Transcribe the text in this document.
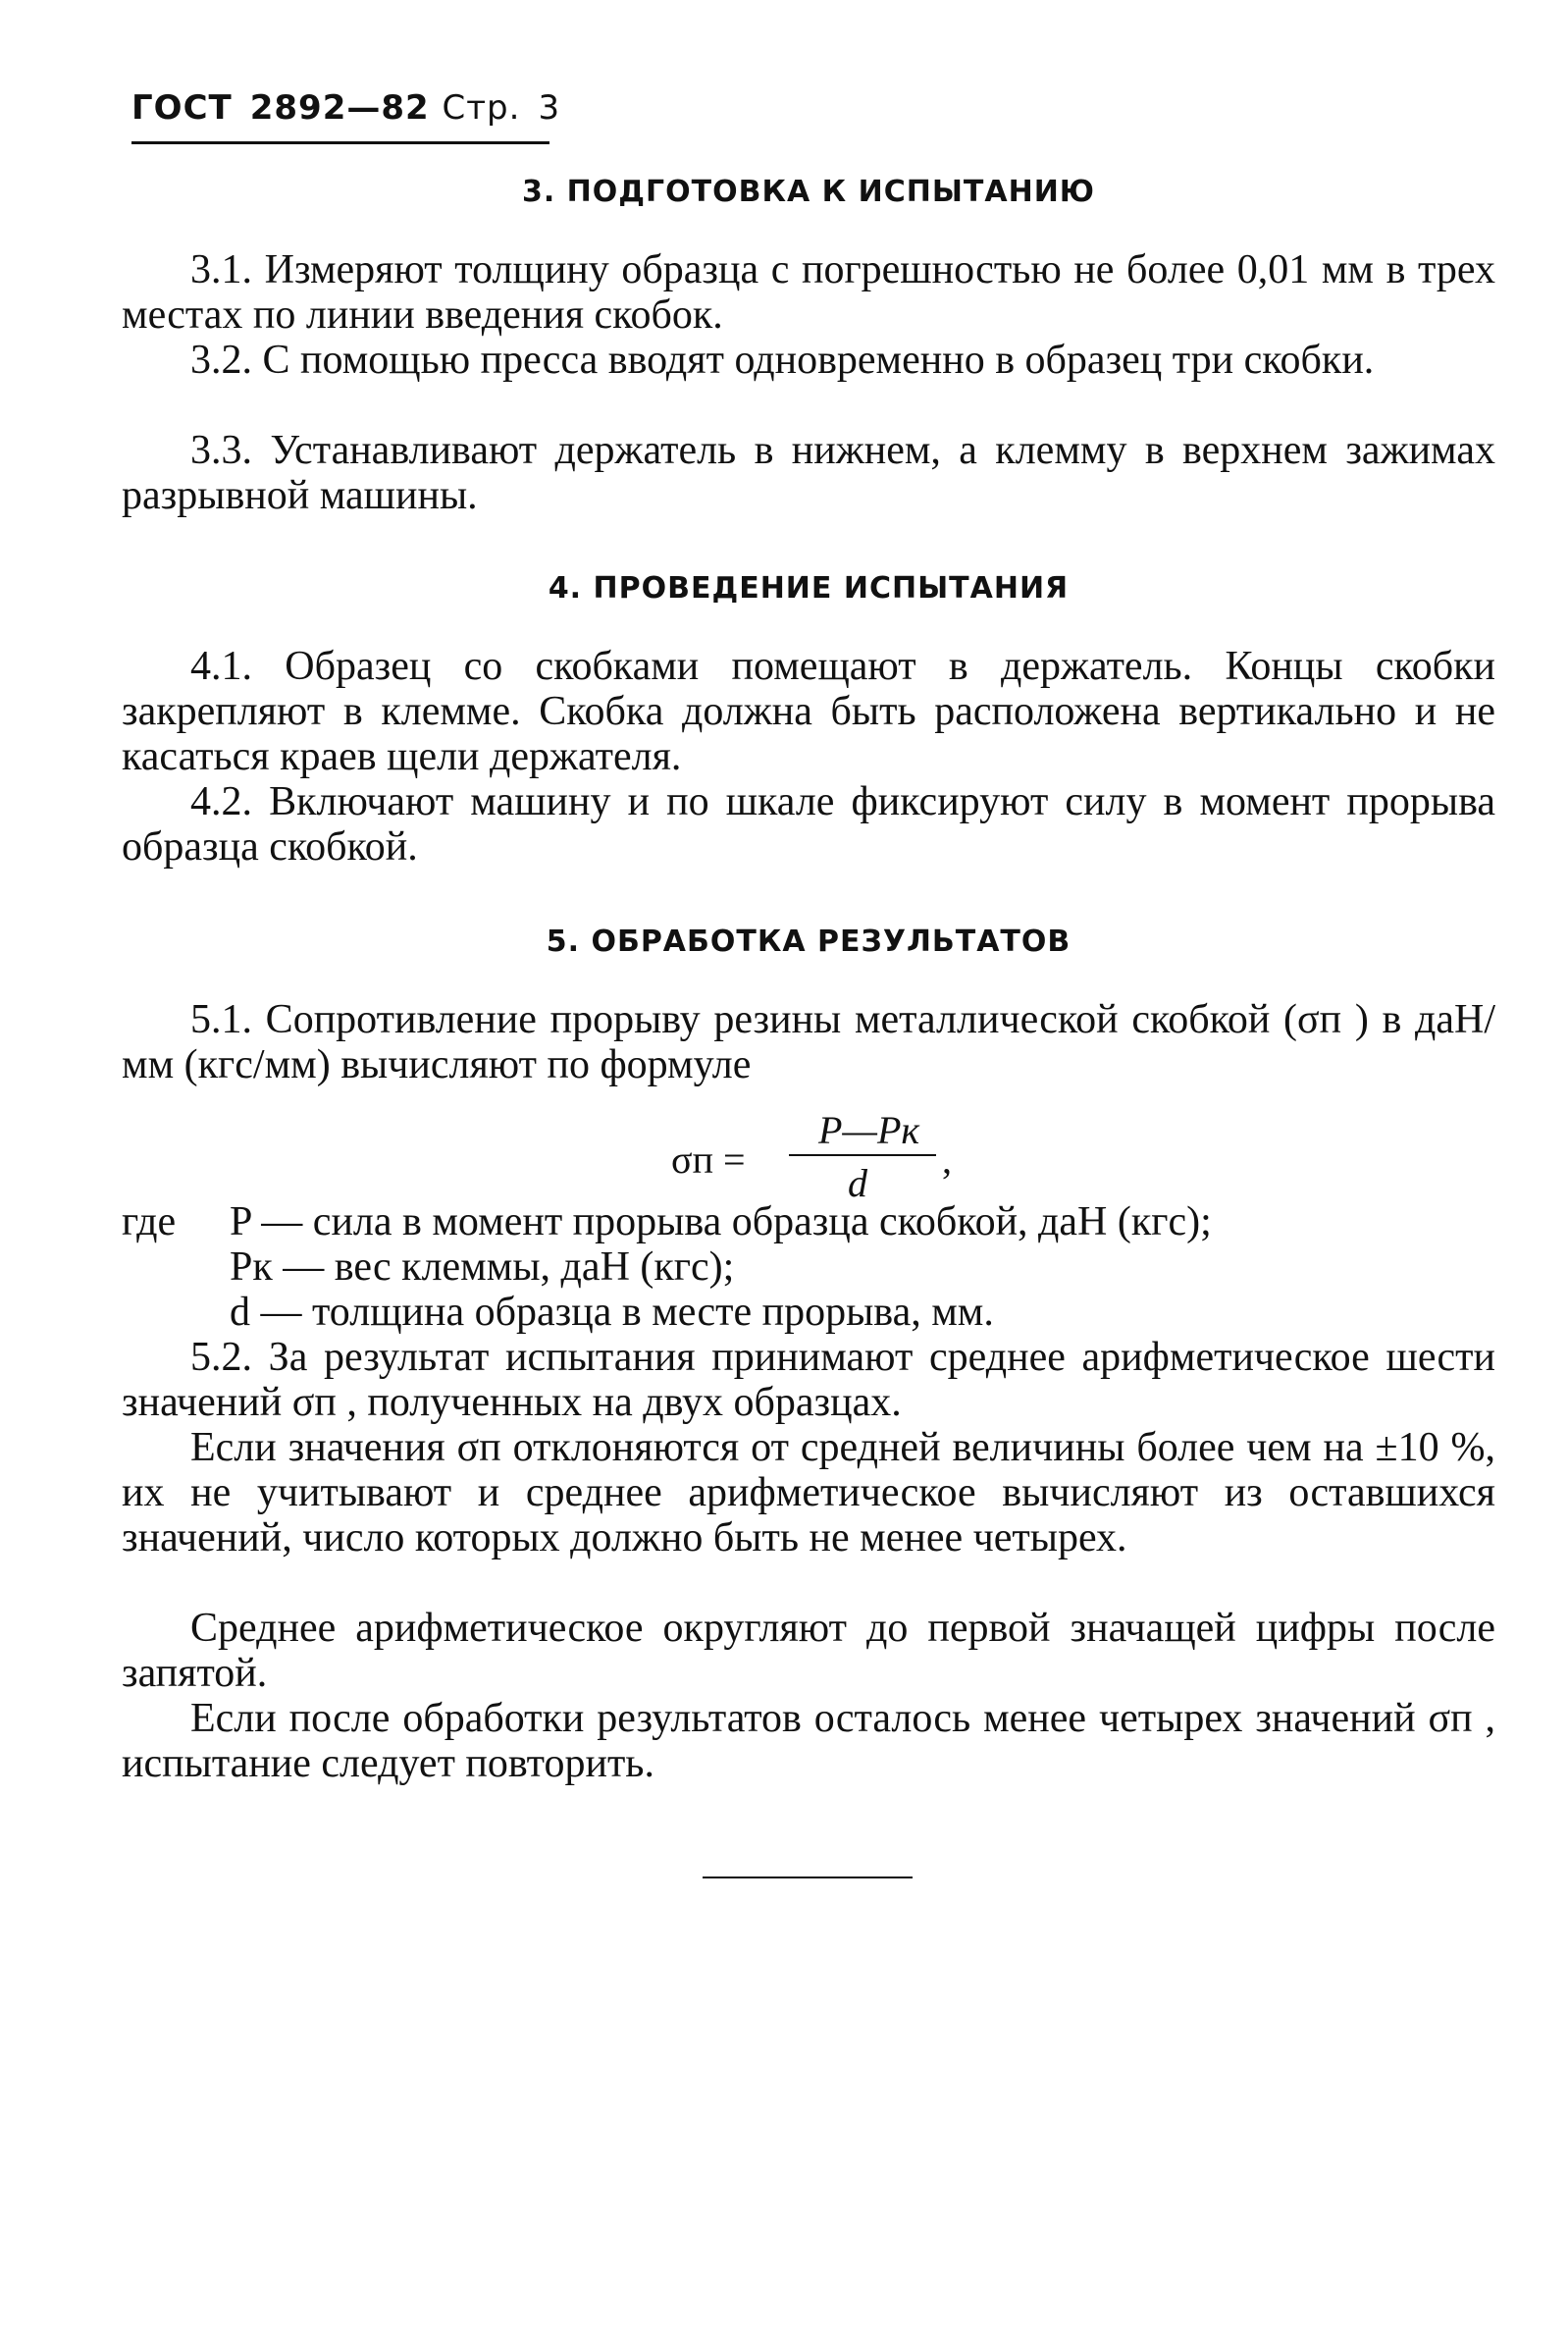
ГОСТ 2892—82 Стр. 3
3. ПОДГОТОВКА К ИСПЫТАНИЮ
3.1. Измеряют толщину образца с погрешностью не более 0,01 мм в трех местах по линии введения скобок.
3.2. С помощью пресса вводят одновременно в образец три скобки.
3.3. Устанавливают держатель в нижнем, а клемму в верхнем зажимах разрывной машины.
4. ПРОВЕДЕНИЕ ИСПЫТАНИЯ
4.1. Образец со скобками помещают в держатель. Концы скобки закрепляют в клемме. Скобка должна быть расположена вертикально и не касаться краев щели держателя.
4.2. Включают машину и по шкале фиксируют силу в момент прорыва образца скобкой.
5. ОБРАБОТКА РЕЗУЛЬТАТОВ
5.1. Сопротивление прорыву резины металлической скобкой (σп ) в даН/мм (кгс/мм) вычисляют по формуле
σп =
P—Pк
d
,
где P — сила в момент прорыва образца скобкой, даН (кгс);
Pк — вес клеммы, даН (кгс);
d — толщина образца в месте прорыва, мм.
5.2. За результат испытания принимают среднее арифметическое шести значений σп , полученных на двух образцах.
Если значения σп отклоняются от средней величины более чем на ±10 %, их не учитывают и среднее арифметическое вычисляют из оставшихся значений, число которых должно быть не менее четырех.
Среднее арифметическое округляют до первой значащей цифры после запятой.
Если после обработки результатов осталось менее четырех значений σп , испытание следует повторить.
